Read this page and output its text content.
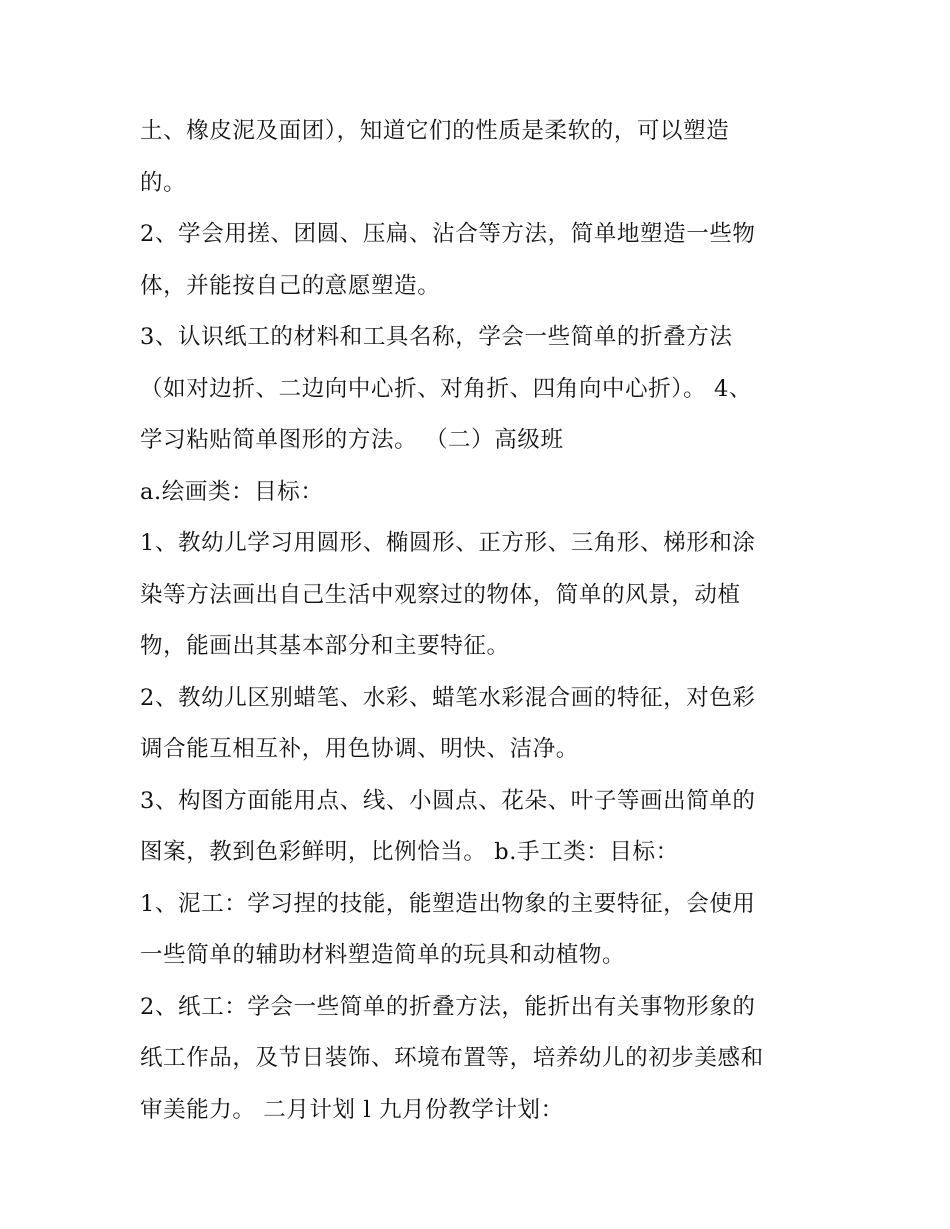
土、橡皮泥及面团），知道它们的性质是柔软的，可以塑造
的。
2、学会用搓、团圆、压扁、沾合等方法，简单地塑造一些物
体，并能按自己的意愿塑造。
3、认识纸工的材料和工具名称，学会一些简单的折叠方法
（如对边折、二边向中心折、对角折、四角向中心折）。 4、
学习粘贴简单图形的方法。 （二）高级班
a.绘画类：目标：
1、教幼儿学习用圆形、椭圆形、正方形、三角形、梯形和涂
染等方法画出自己生活中观察过的物体，简单的风景，动植
物，能画出其基本部分和主要特征。
2、教幼儿区别蜡笔、水彩、蜡笔水彩混合画的特征，对色彩
调合能互相互补，用色协调、明快、洁净。
3、构图方面能用点、线、小圆点、花朵、叶子等画出简单的
图案，教到色彩鲜明，比例恰当。 b.手工类：目标：
1、泥工：学习捏的技能，能塑造出物象的主要特征，会使用
一些简单的辅助材料塑造简单的玩具和动植物。
2、纸工：学会一些简单的折叠方法，能折出有关事物形象的
纸工作品，及节日装饰、环境布置等，培养幼儿的初步美感和
审美能力。 二月计划 l 九月份教学计划：
